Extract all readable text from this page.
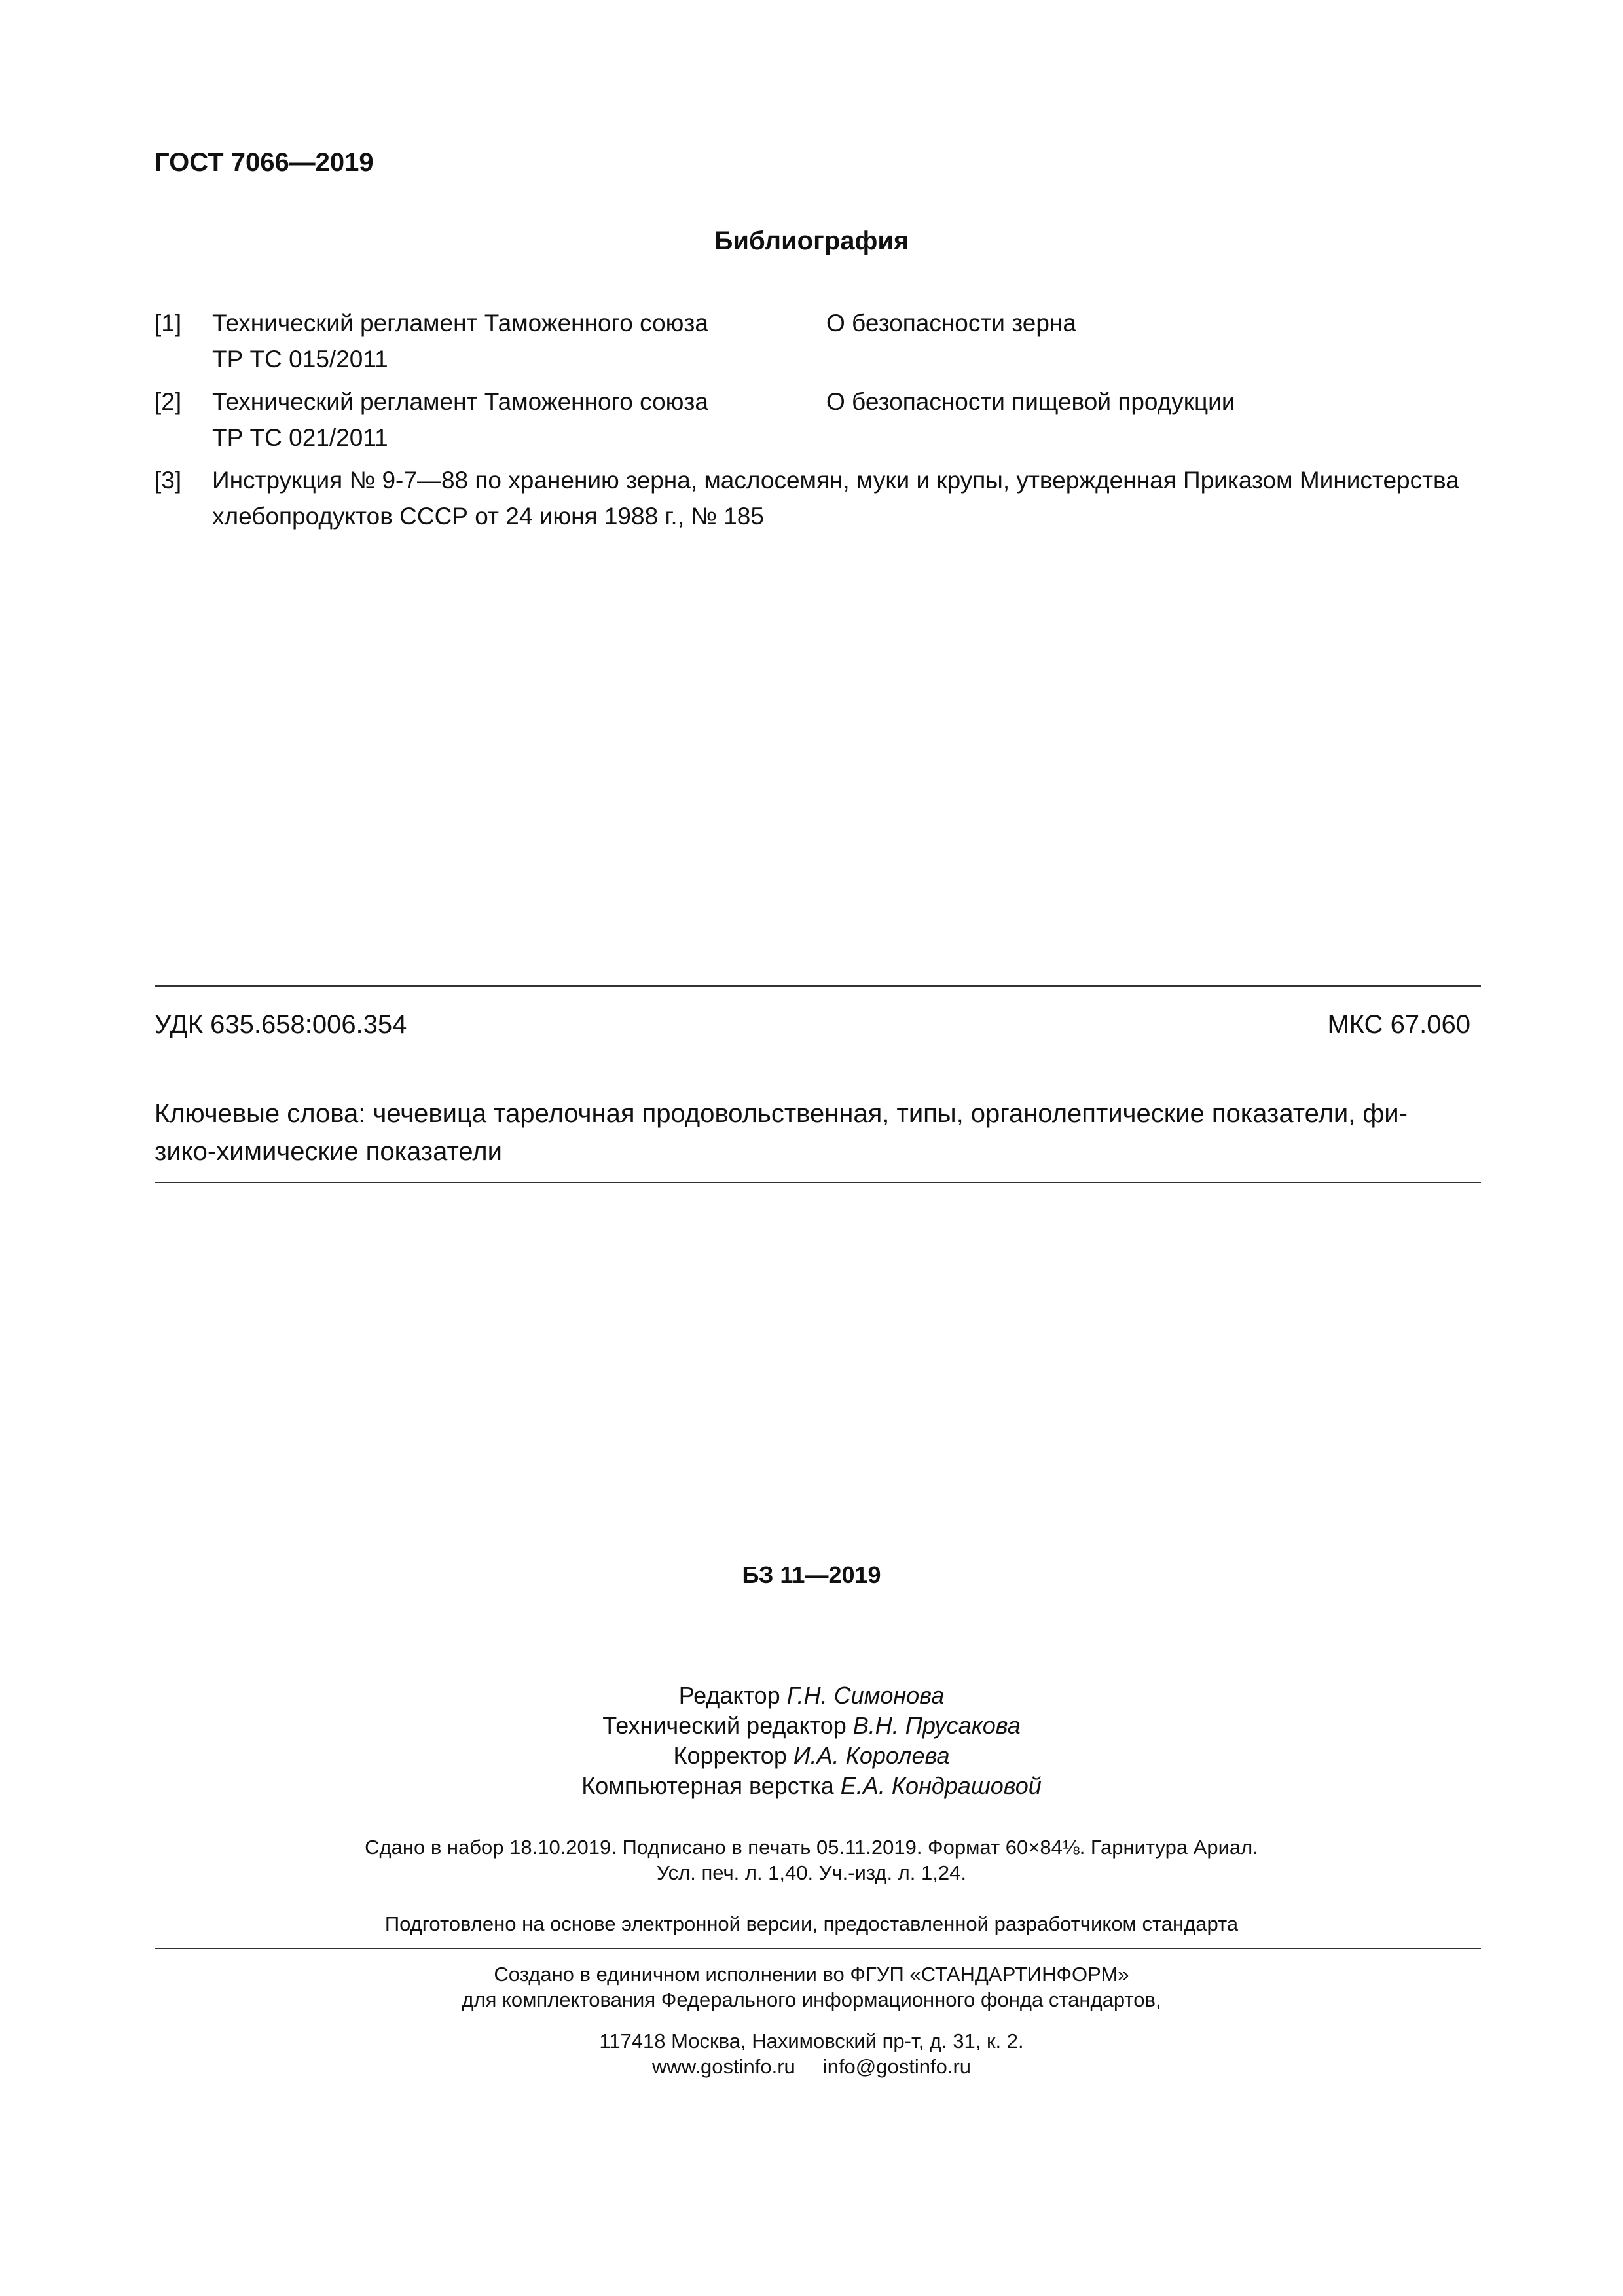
ГОСТ 7066—2019
Библиография
[1] Технический регламент Таможенного союза
ТР ТС 015/2011
О безопасности зерна
[2] Технический регламент Таможенного союза
ТР ТС 021/2011
О безопасности пищевой продукции
[3] Инструкция № 9-7—88 по хранению зерна, маслосемян, муки и крупы, утвержденная Приказом Министерства
хлебопродуктов СССР от 24 июня 1988 г., № 185
УДК 635.658:006.354	МКС 67.060
Ключевые слова: чечевица тарелочная продовольственная, типы, органолептические показатели, фи-
зико-химические показатели
БЗ 11—2019
Редактор Г.Н. Симонова
Технический редактор В.Н. Прусакова
Корректор И.А. Королева
Компьютерная верстка Е.А. Кондрашовой
Сдано в набор 18.10.2019. Подписано в печать 05.11.2019. Формат 60×84⅛. Гарнитура Ариал.
Усл. печ. л. 1,40. Уч.-изд. л. 1,24.
Подготовлено на основе электронной версии, предоставленной разработчиком стандарта
Создано в единичном исполнении во ФГУП «СТАНДАРТИНФОРМ»
для комплектования Федерального информационного фонда стандартов,
117418 Москва, Нахимовский пр-т, д. 31, к. 2.
www.gostinfo.ru info@gostinfo.ru
